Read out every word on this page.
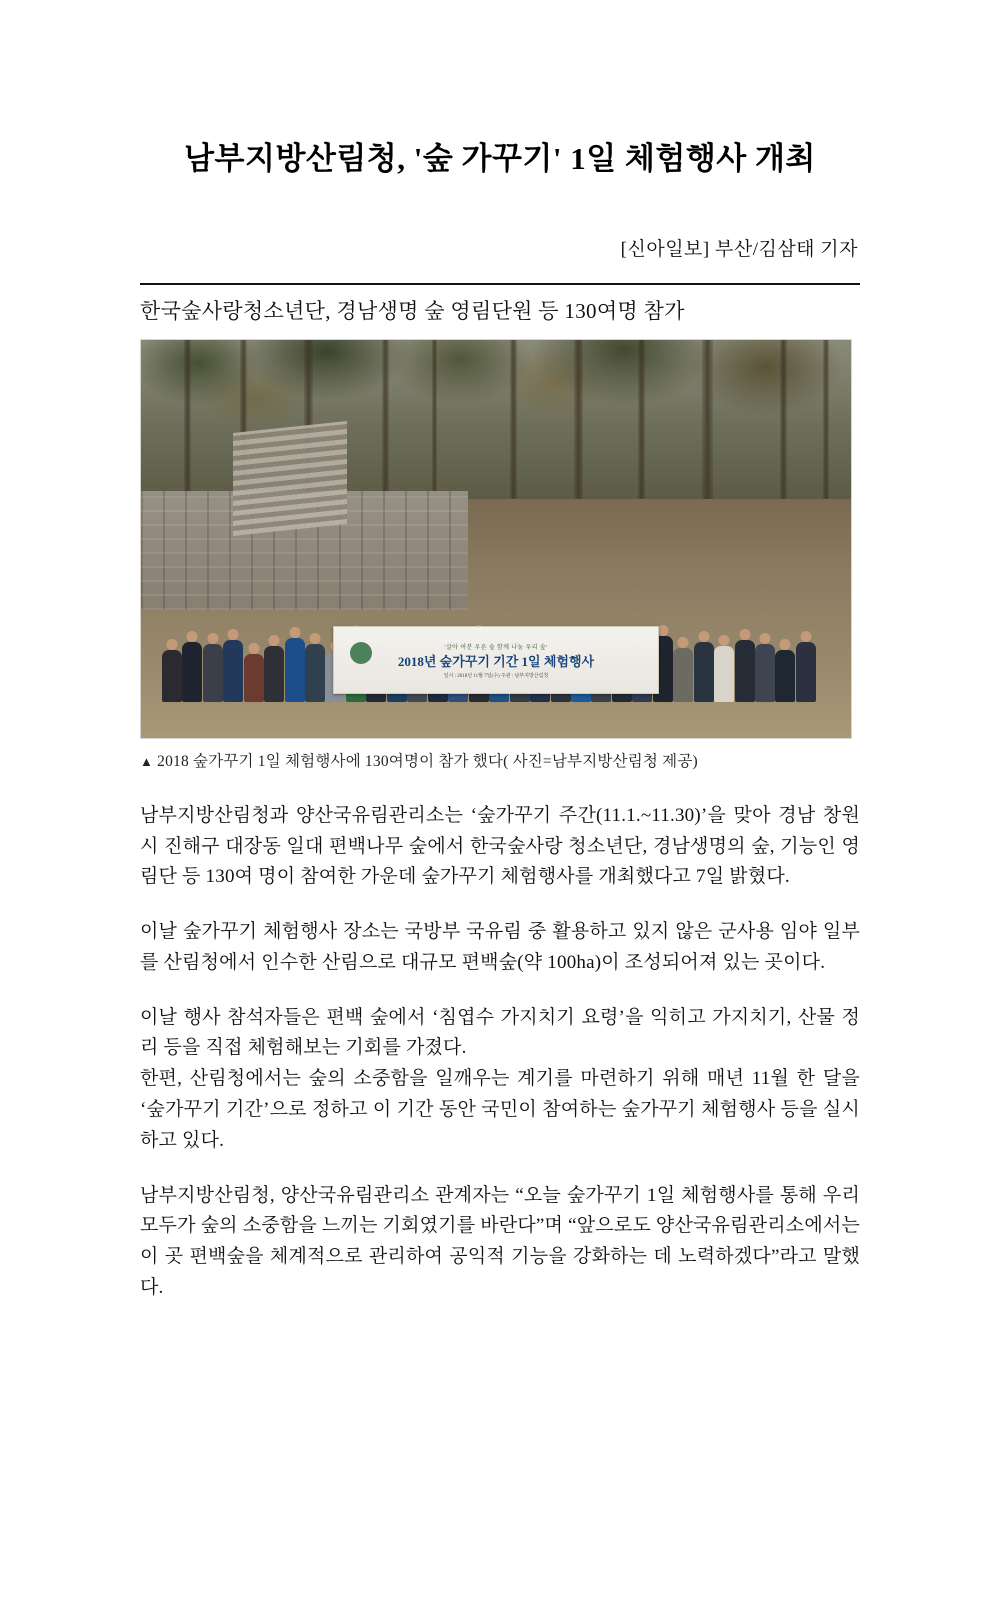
남부지방산림청, '숲 가꾸기' 1일 체험행사 개최
[신아일보] 부산/김삼태 기자
한국숲사랑청소년단, 경남생명 숲 영림단원 등 130여명 참가
'살아 여분 우른 숲 함께 나눔 우리 숲'
2018년 숲가꾸기 기간 1일 체험행사
일시 : 2018년 11월 7일(수) 주관 : 남부지방산림청
▲ 2018 숲가꾸기 1일 체험행사에 130여명이 참가 했다( 사진=남부지방산림청 제공)

남부지방산림청과 양산국유림관리소는 ‘숲가꾸기 주간(11.1.~11.30)’을 맞아 경남 창원시 진해구 대장동 일대 편백나무 숲에서 한국숲사랑 청소년단, 경남생명의 숲, 기능인 영림단 등 130여 명이 참여한 가운데 숲가꾸기 체험행사를 개최했다고 7일 밝혔다.

이날 숲가꾸기 체험행사 장소는 국방부 국유림 중 활용하고 있지 않은 군사용 임야 일부를 산림청에서 인수한 산림으로 대규모 편백숲(약 100ha)이 조성되어져 있는 곳이다.

이날 행사 참석자들은 편백 숲에서 ‘침엽수 가지치기 요령’을 익히고 가지치기, 산물 정리 등을 직접 체험해보는 기회를 가졌다.

한편, 산림청에서는 숲의 소중함을 일깨우는 계기를 마련하기 위해 매년 11월 한 달을 ‘숲가꾸기 기간’으로 정하고 이 기간 동안 국민이 참여하는 숲가꾸기 체험행사 등을 실시하고 있다.

남부지방산림청, 양산국유림관리소 관계자는 “오늘 숲가꾸기 1일 체험행사를 통해 우리 모두가 숲의 소중함을 느끼는 기회였기를 바란다”며 “앞으로도 양산국유림관리소에서는 이 곳 편백숲을 체계적으로 관리하여 공익적 기능을 강화하는 데 노력하겠다”라고 말했다.
